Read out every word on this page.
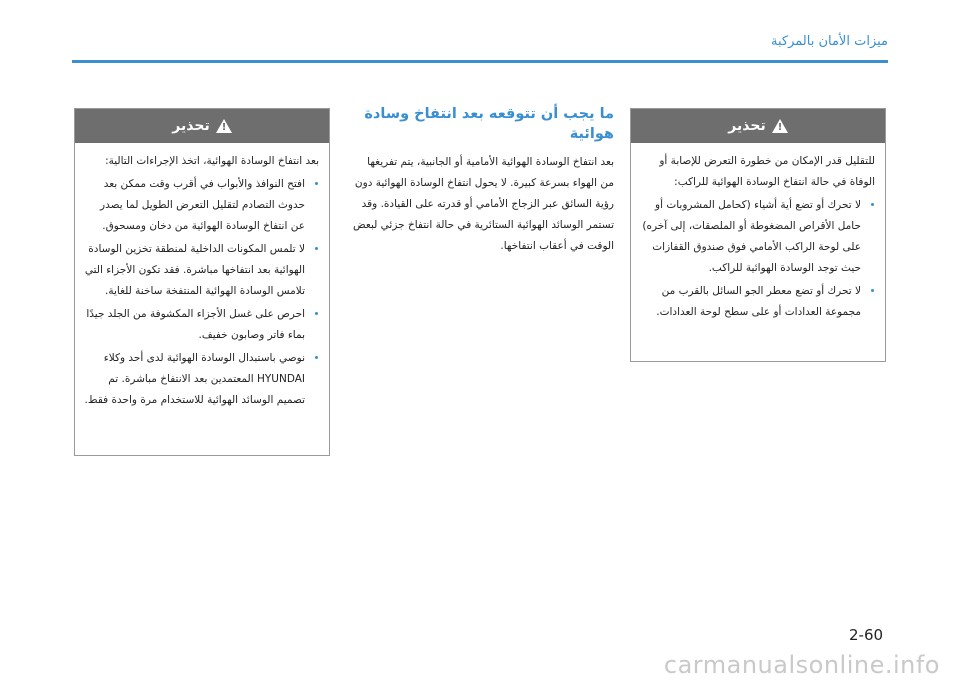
ميزات الأمان بالمركبة
!
تحذير

بعد انتفاخ الوسادة الهوائية، اتخذ الإجراءات التالية:

• افتح النوافذ والأبواب في أقرب وقت ممكن بعد حدوث التصادم لتقليل التعرض الطويل لما يصدر عن انتفاخ الوسادة الهوائية من دخان ومسحوق.
• لا تلمس المكونات الداخلية لمنطقة تخزين الوسادة الهوائية بعد انتفاخها مباشرة. فقد تكون الأجزاء التي تلامس الوسادة الهوائية المنتفخة ساخنة للغاية.
• احرص على غسل الأجزاء المكشوفة من الجلد جيدًا بماء فاتر وصابون خفيف.
• نوصي باستبدال الوسادة الهوائية لدى أحد وكلاء HYUNDAI المعتمدين بعد الانتفاخ مباشرة. تم تصميم الوسائد الهوائية للاستخدام مرة واحدة فقط.
ما يجب أن تتوقعه بعد انتفاخ وسادة هوائية

بعد انتفاخ الوسادة الهوائية الأمامية أو الجانبية، يتم تفريغها من الهواء بسرعة كبيرة. لا يحول انتفاخ الوسادة الهوائية دون رؤية السائق عبر الزجاج الأمامي أو قدرته على القيادة. وقد تستمر الوسائد الهوائية الستائرية في حالة انتفاخ جزئي لبعض الوقت في أعقاب انتفاخها.

!
تحذير

للتقليل قدر الإمكان من خطورة التعرض للإصابة أو الوفاة في حالة انتفاخ الوسادة الهوائية للراكب:

• لا تحرك أو تضع أية أشياء (كحامل المشروبات أو حامل الأقراص المضغوطة أو الملصقات، إلى آخره) على لوحة الراكب الأمامي فوق صندوق القفازات حيث توجد الوسادة الهوائية للراكب.
• لا تحرك أو تضع معطر الجو السائل بالقرب من مجموعة العدادات أو على سطح لوحة العدادات.
2-60
carmanualsonline.info
